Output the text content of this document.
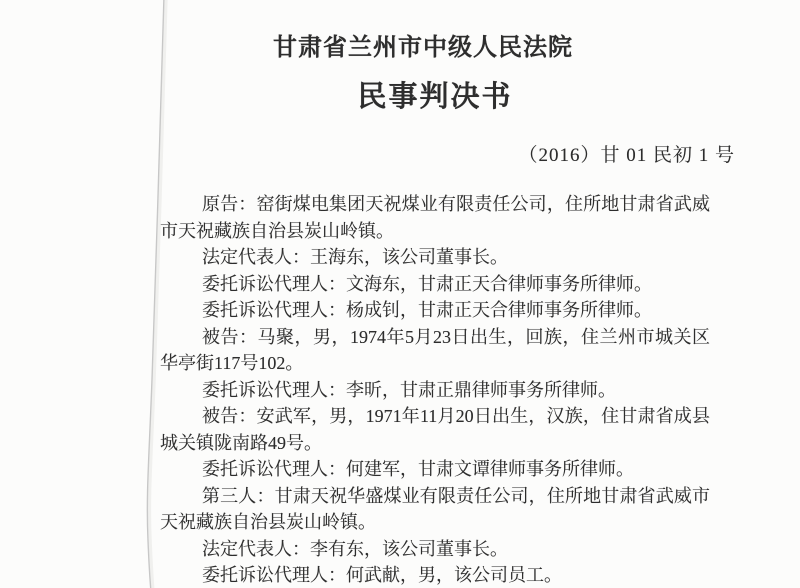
甘肃省兰州市中级人民法院
民事判决书
（2016）甘 01 民初 1 号

原告：窑街煤电集团天祝煤业有限责任公司，住所地甘肃省武威市天祝藏族自治县炭山岭镇。

法定代表人：王海东，该公司董事长。

委托诉讼代理人：文海东，甘肃正天合律师事务所律师。

委托诉讼代理人：杨成钊，甘肃正天合律师事务所律师。

被告：马聚，男，1974年5月23日出生，回族，住兰州市城关区华亭街117号102。

委托诉讼代理人：李昕，甘肃正鼎律师事务所律师。

被告：安武军，男，1971年11月20日出生，汉族，住甘肃省成县城关镇陇南路49号。

委托诉讼代理人：何建军，甘肃文谭律师事务所律师。

第三人：甘肃天祝华盛煤业有限责任公司，住所地甘肃省武威市天祝藏族自治县炭山岭镇。

法定代表人：李有东，该公司董事长。

委托诉讼代理人：何武献，男，该公司员工。
